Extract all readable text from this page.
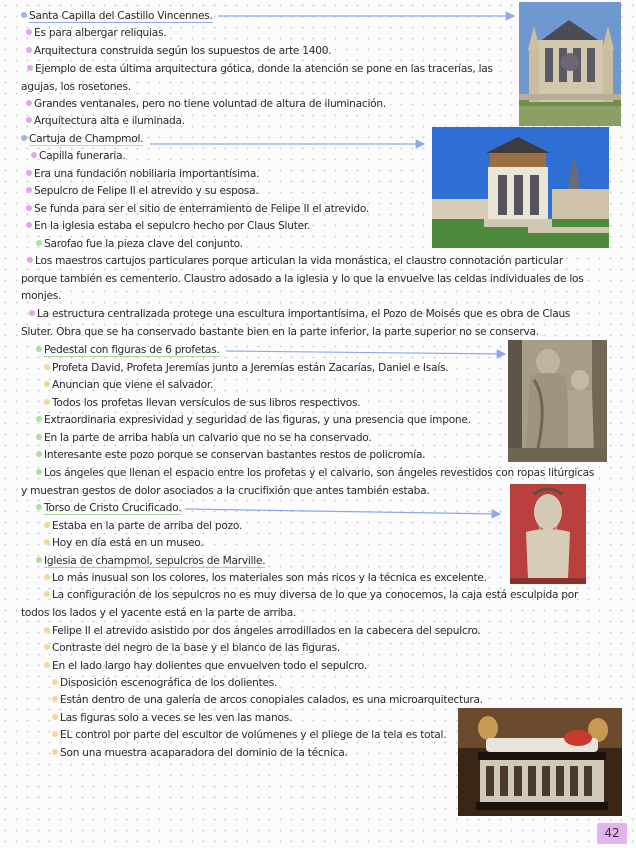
Santa Capilla del Castillo Vincennes.
Es para albergar reliquias.
Arquitectura construida según los supuestos de arte 1400.
Ejemplo de esta última arquitectura gótica, donde la atención se pone en las tracerías, las agujas, los rosetones.
Grandes ventanales, pero no tiene voluntad de altura de iluminación.
Arquitectura alta e iluminada.
Cartuja de Champmol.
Capilla funeraria.
Era una fundación nobiliaria importantísima.
Sepulcro de Felipe II el atrevido y su esposa.
Se funda para ser el sitio de enterramiento de Felipe II el atrevido.
En la iglesia estaba el sepulcro hecho por Claus Sluter.
Sarofao fue la pieza clave del conjunto.
Los maestros cartujos particulares porque articulan la vida monástica, el claustro connotación particular porque también es cementerio. Claustro adosado a la iglesia y lo que la envuelve las celdas individuales de los monjes.
La estructura centralizada protege una escultura importantísima, el Pozo de Moisés que es obra de Claus Sluter. Obra que se ha conservado bastante bien en la parte inferior, la parte superior no se conserva.
Pedestal con figuras de 6 profetas.
Profeta David, Profeta Jeremías junto a Jeremías están Zacarías, Daniel e Isaís.
Anuncian que viene el salvador.
Todos los profetas llevan versículos de sus libros respectivos.
Extraordinaria expresividad y seguridad de las figuras, y una presencia que impone.
En la parte de arriba había un calvario que no se ha conservado.
Interesante este pozo porque se conservan bastantes restos de policromía.
Los ángeles que llenan el espacio entre los profetas y el calvario, son ángeles revestidos con ropas litúrgicas y muestran gestos de dolor asociados a la crucifixión que antes también estaba.
Torso de Cristo Crucificado.
Estaba en la parte de arriba del pozo.
Hoy en día está en un museo.
Iglesia de champmol, sepulcros de Marville.
Lo más inusual son los colores, los materiales son más ricos y la técnica es excelente.
La configuración de los sepulcros no es muy diversa de lo que ya conocemos, la caja está esculpida por todos los lados y el yacente está en la parte de arriba.
Felipe II el atrevido asistido por dos ángeles arrodillados en la cabecera del sepulcro.
Contraste del negro de la base y el blanco de las figuras.
En el lado largo hay dolientes que envuelven todo el sepulcro.
Disposición escenográfica de los dolientes.
Están dentro de una galería de arcos conopiales calados, es una microarquitectura.
Las figuras solo a veces se les ven las manos.
EL control por parte del escultor de volúmenes y el pliege de la tela es total.
Son una muestra acaparadora del dominio de la técnica.
42
